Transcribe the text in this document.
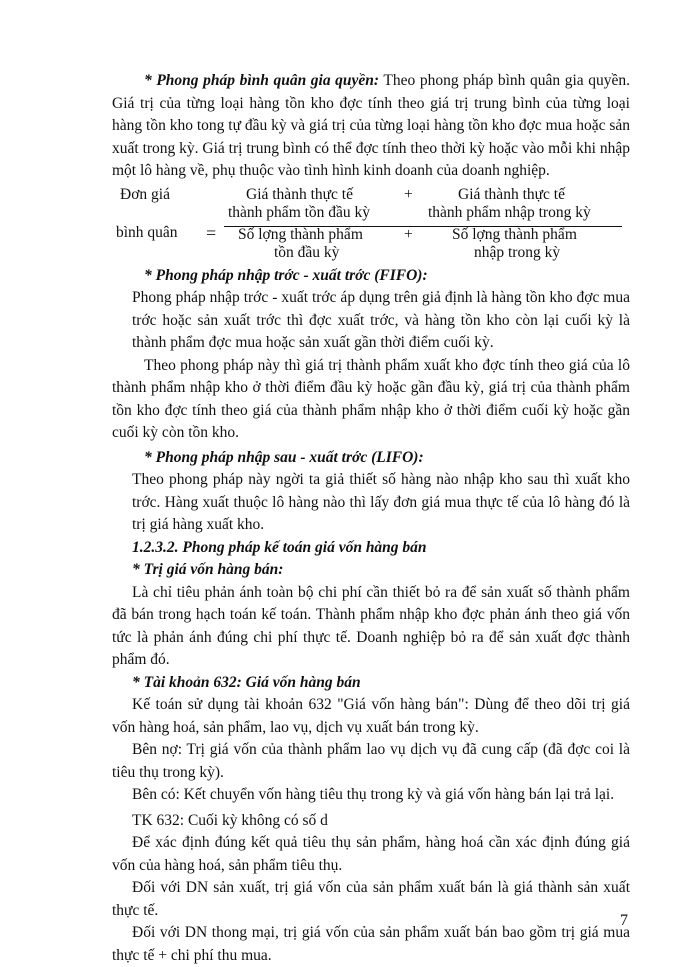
* Phong pháp bình quân gia quyền: Theo phong pháp bình quân gia quyền. Giá trị của từng loại hàng tồn kho đợc tính theo giá trị trung bình của từng loại hàng tồn kho tong tự đầu kỳ và giá trị của từng loại hàng tồn kho đợc mua hoặc sản xuất trong kỳ. Giá trị trung bình có thể đợc tính theo thời kỳ hoặc vào mỗi khi nhập một lô hàng về, phụ thuộc vào tình hình kinh doanh của doanh nghiệp.

Đơn giá
bình quân =
Giá thành thực tế
thành phẩm tồn đầu kỳ
+	Giá thành thực tế
thành phẩm nhập trong kỳ
Số lợng thành phẩm
tồn đầu kỳ
+	Số lợng thành phẩm
nhập trong kỳ

* Phong pháp nhập trớc - xuất trớc (FIFO):

Phong pháp nhập trớc - xuất trớc áp dụng trên giả định là hàng tồn kho đợc mua trớc hoặc sản xuất trớc thì đợc xuất trớc, và hàng tồn kho còn lại cuối kỳ là thành phẩm đợc mua hoặc sản xuất gần thời điểm cuối kỳ.

Theo phong pháp này thì giá trị thành phẩm xuất kho đợc tính theo giá của lô thành phẩm nhập kho ở thời điểm đầu kỳ hoặc gần đầu kỳ, giá trị của thành phẩm tồn kho đợc tính theo giá của thành phẩm nhập kho ở thời điểm cuối kỳ hoặc gần cuối kỳ còn tồn kho.

* Phong pháp nhập sau - xuất trớc (LIFO):

Theo phong pháp này ngời ta giả thiết số hàng nào nhập kho sau thì xuất kho trớc. Hàng xuất thuộc lô hàng nào thì lấy đơn giá mua thực tế của lô hàng đó là trị giá hàng xuất kho.

1.2.3.2. Phong pháp kế toán giá vốn hàng bán

* Trị giá vốn hàng bán:

Là chỉ tiêu phản ánh toàn bộ chi phí cần thiết bỏ ra để sản xuất số thành phẩm đã bán trong hạch toán kế toán. Thành phẩm nhập kho đợc phản ánh theo giá vốn tức là phản ánh đúng chi phí thực tế. Doanh nghiệp bỏ ra để sản xuất đợc thành phẩm đó.

* Tài khoản 632: Giá vốn hàng bán

Kế toán sử dụng tài khoản 632 "Giá vốn hàng bán": Dùng để theo dõi trị giá vốn hàng hoá, sản phẩm, lao vụ, dịch vụ xuất bán trong kỳ.

Bên nợ: Trị giá vốn của thành phẩm lao vụ dịch vụ đã cung cấp (đã đợc coi là tiêu thụ trong kỳ).

Bên có: Kết chuyển vốn hàng tiêu thụ trong kỳ và giá vốn hàng bán lại trả lại.

TK 632: Cuối kỳ không có số d

Để xác định đúng kết quả tiêu thụ sản phẩm, hàng hoá cần xác định đúng giá vốn của hàng hoá, sản phẩm tiêu thụ.

Đối với DN sản xuất, trị giá vốn của sản phẩm xuất bán là giá thành sản xuất thực tế.

Đối với DN thong mại, trị giá vốn của sản phẩm xuất bán bao gồm trị giá mua thực tế + chi phí thu mua.

7
